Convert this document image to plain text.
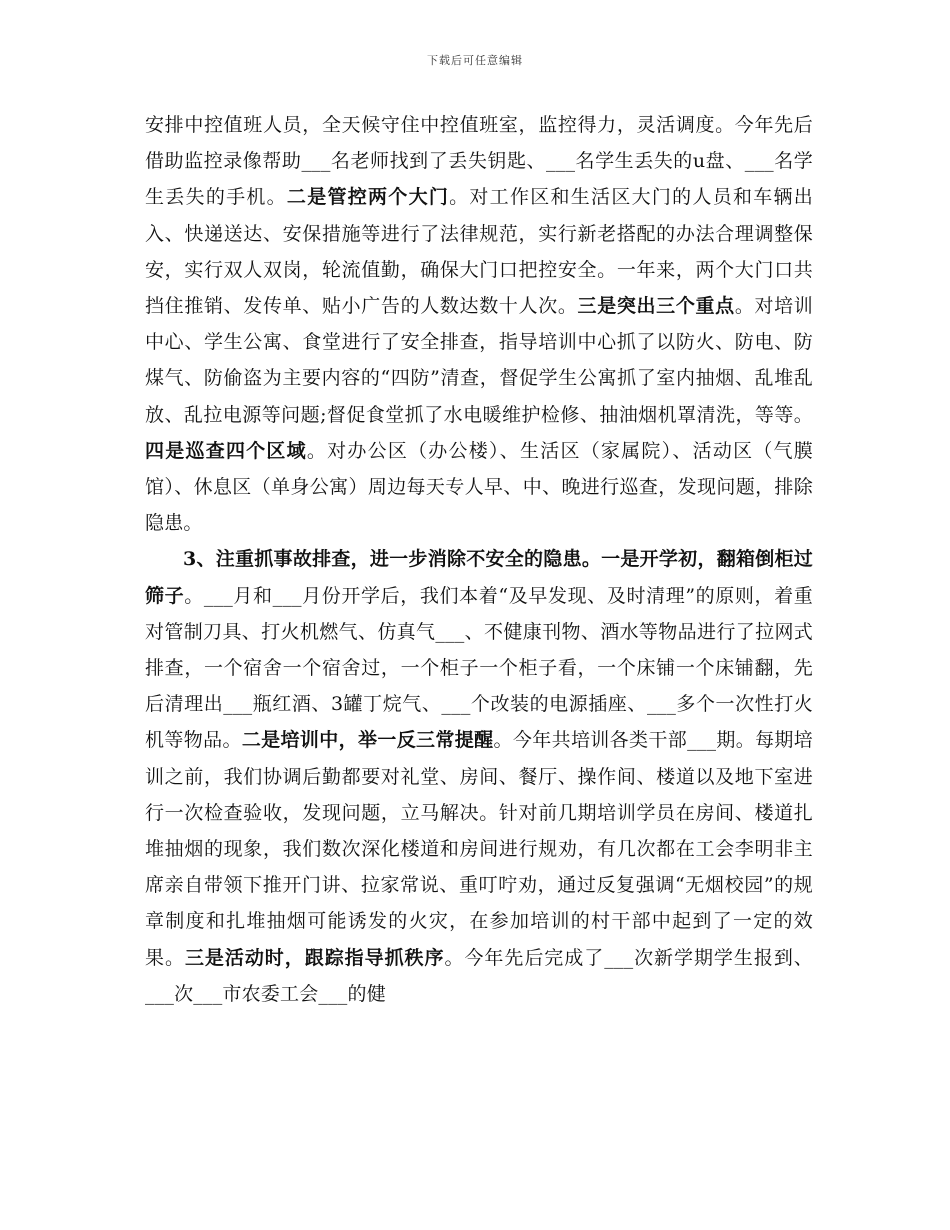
下载后可任意编辑

安排中控值班人员，全天候守住中控值班室，监控得力，灵活调度。今年先后借助监控录像帮助___名老师找到了丢失钥匙、___名学生丢失的u盘、___名学生丢失的手机。二是管控两个大门。对工作区和生活区大门的人员和车辆出入、快递送达、安保措施等进行了法律规范，实行新老搭配的办法合理调整保安，实行双人双岗，轮流值勤，确保大门口把控安全。一年来，两个大门口共挡住推销、发传单、贴小广告的人数达数十人次。三是突出三个重点。对培训中心、学生公寓、食堂进行了安全排查，指导培训中心抓了以防火、防电、防煤气、防偷盗为主要内容的“四防”清查，督促学生公寓抓了室内抽烟、乱堆乱放、乱拉电源等问题;督促食堂抓了水电暖维护检修、抽油烟机罩清洗，等等。四是巡查四个区域。对办公区（办公楼）、生活区（家属院）、活动区（气膜馆）、休息区（单身公寓）周边每天专人早、中、晚进行巡查，发现问题，排除隐患。

3、注重抓事故排查，进一步消除不安全的隐患。一是开学初，翻箱倒柜过筛子。___月和___月份开学后，我们本着“及早发现、及时清理”的原则，着重对管制刀具、打火机燃气、仿真气___、不健康刊物、酒水等物品进行了拉网式排查，一个宿舍一个宿舍过，一个柜子一个柜子看，一个床铺一个床铺翻，先后清理出___瓶红酒、3罐丁烷气、___个改装的电源插座、___多个一次性打火机等物品。二是培训中，举一反三常提醒。今年共培训各类干部___期。每期培训之前，我们协调后勤都要对礼堂、房间、餐厅、操作间、楼道以及地下室进行一次检查验收，发现问题，立马解决。针对前几期培训学员在房间、楼道扎堆抽烟的现象，我们数次深化楼道和房间进行规劝，有几次都在工会李明非主席亲自带领下推开门讲、拉家常说、重叮咛劝，通过反复强调“无烟校园”的规章制度和扎堆抽烟可能诱发的火灾，在参加培训的村干部中起到了一定的效果。三是活动时，跟踪指导抓秩序。今年先后完成了___次新学期学生报到、___次___市农委工会___的健
